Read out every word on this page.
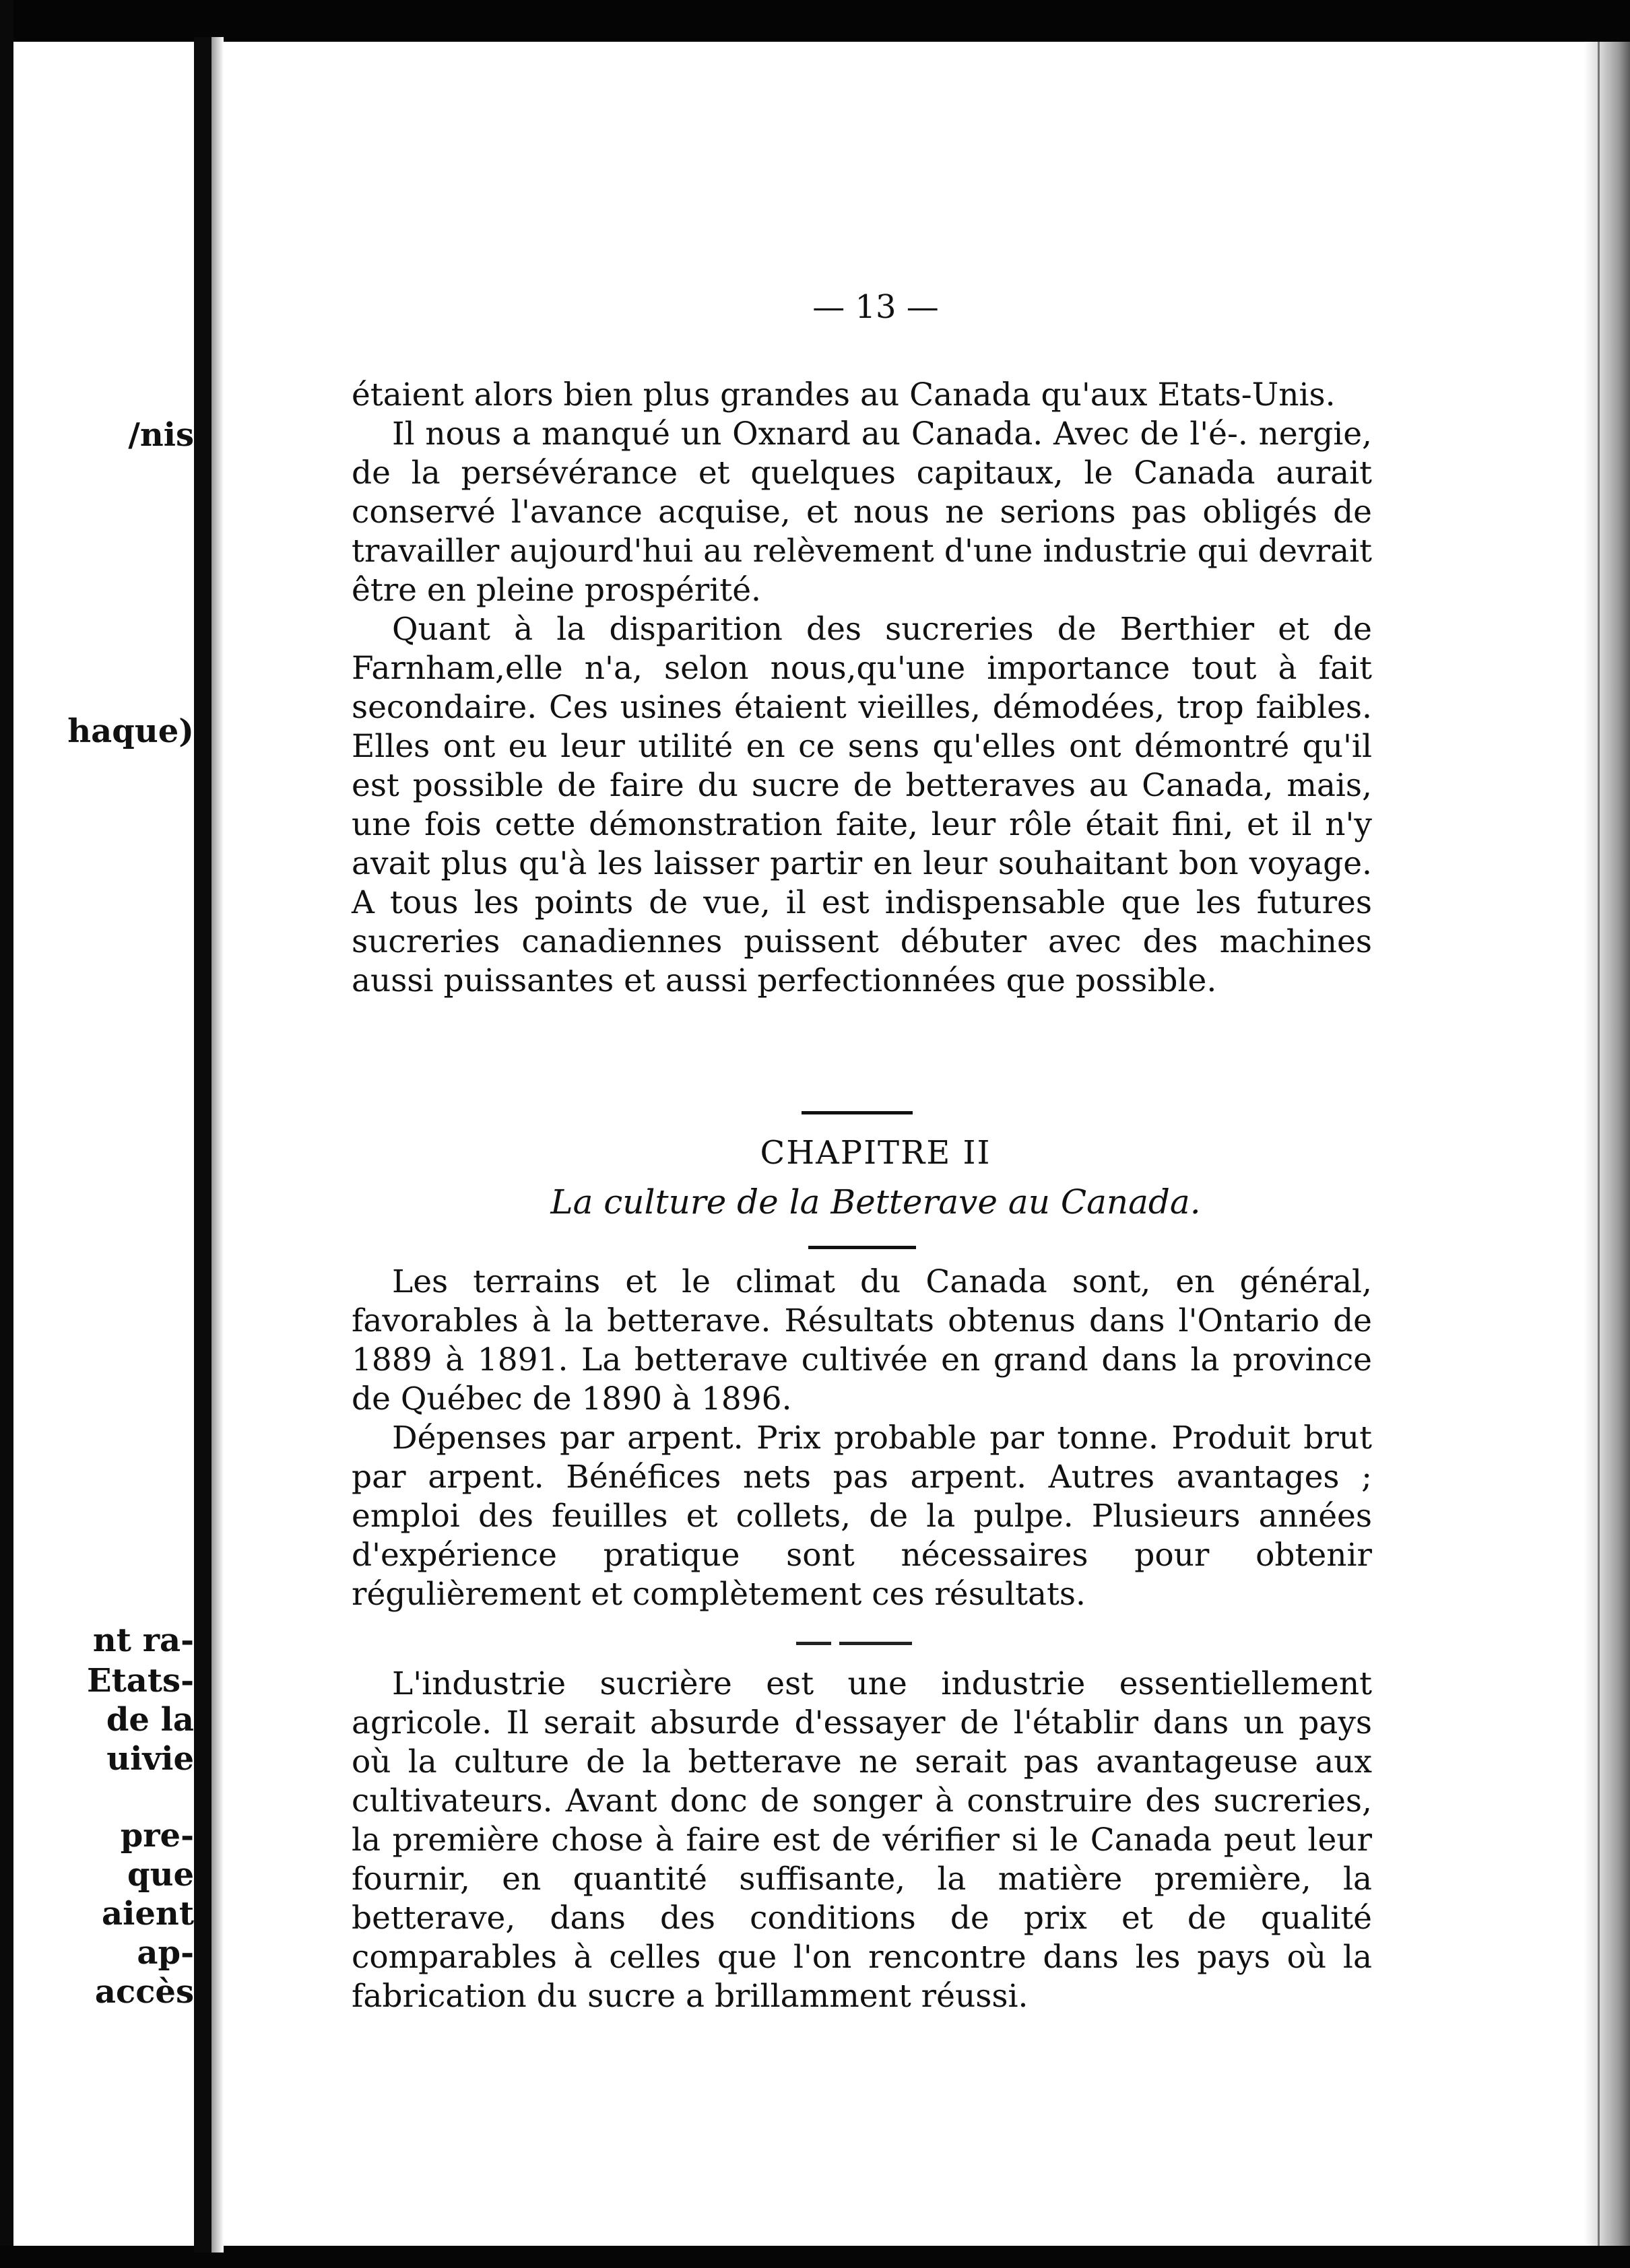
/nis
haque)
nt ra-
Etats-
de la
uivie
pre-
que
aient
ap-
accès
— 13 —

étaient alors bien plus grandes au Canada qu'aux Etats-Unis.

Il nous a manqué un Oxnard au Canada. Avec de l'é-. nergie, de la persévérance et quelques capitaux, le Canada aurait conservé l'avance acquise, et nous ne serions pas obligés de travailler aujourd'hui au relèvement d'une industrie qui devrait être en pleine prospérité.

Quant à la disparition des sucreries de Berthier et de Farnham,elle n'a, selon nous,qu'une importance tout à fait secondaire. Ces usines étaient vieilles, démodées, trop faibles. Elles ont eu leur utilité en ce sens qu'elles ont démontré qu'il est possible de faire du sucre de betteraves au Canada, mais, une fois cette démonstration faite, leur rôle était fini, et il n'y avait plus qu'à les laisser partir en leur souhaitant bon voyage. A tous les points de vue, il est indispensable que les futures sucreries canadiennes puissent débuter avec des machines aussi puissantes et aussi perfectionnées que possible.

CHAPITRE II
La culture de la Betterave au Canada.

Les terrains et le climat du Canada sont, en général, favorables à la betterave. Résultats obtenus dans l'Ontario de 1889 à 1891. La betterave cultivée en grand dans la province de Québec de 1890 à 1896.

Dépenses par arpent. Prix probable par tonne. Produit brut par arpent. Bénéfices nets pas arpent. Autres avantages ; emploi des feuilles et collets, de la pulpe. Plusieurs années d'expérience pratique sont nécessaires pour obtenir régulièrement et complètement ces résultats.

L'industrie sucrière est une industrie essentiellement agricole. Il serait absurde d'essayer de l'établir dans un pays où la culture de la betterave ne serait pas avantageuse aux cultivateurs. Avant donc de songer à construire des sucreries, la première chose à faire est de vérifier si le Canada peut leur fournir, en quantité suffisante, la matière première, la betterave, dans des conditions de prix et de qualité comparables à celles que l'on rencontre dans les pays où la fabrication du sucre a brillamment réussi.
